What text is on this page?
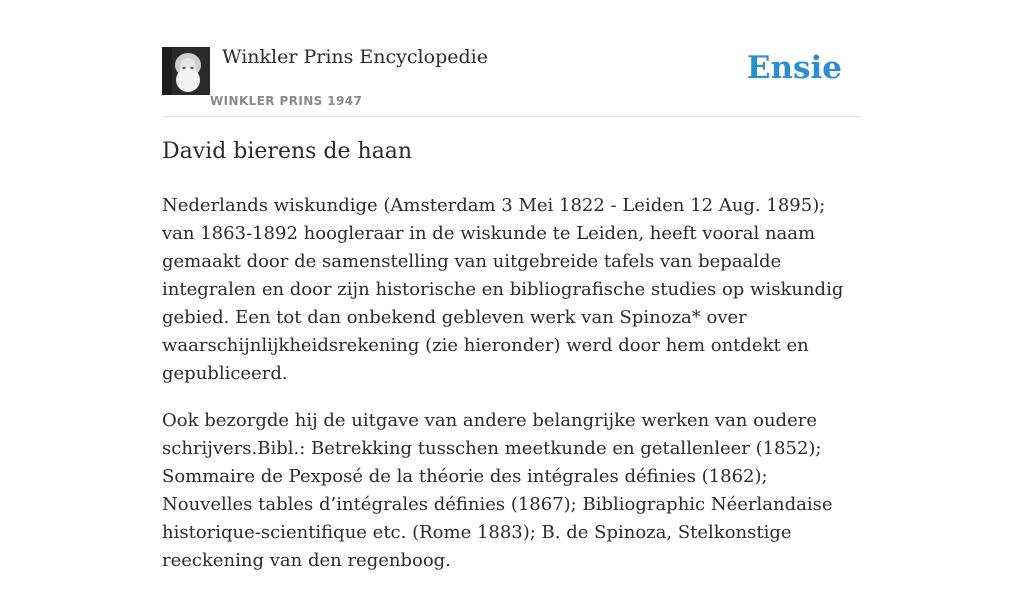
Winkler Prins Encyclopedie
WINKLER PRINS 1947
Ensie
David bierens de haan

Nederlands wiskundige (Amsterdam 3 Mei 1822 - Leiden 12 Aug. 1895); van 1863-1892 hoogleraar in de wiskunde te Leiden, heeft vooral naam gemaakt door de samenstelling van uitgebreide tafels van bepaalde integralen en door zijn historische en bibliografische studies op wiskundig gebied. Een tot dan onbekend gebleven werk van Spinoza* over waarschijnlijkheidsrekening (zie hieronder) werd door hem ontdekt en gepubliceerd.

Ook bezorgde hij de uitgave van andere belangrijke werken van oudere schrijvers.Bibl.: Betrekking tusschen meetkunde en getallenleer (1852); Sommaire de Pexposé de la théorie des intégrales définies (1862); Nouvelles tables d’intégrales définies (1867); Bibliographic Néerlandaise historique-scientifique etc. (Rome 1883); B. de Spinoza, Stelkonstige reeckening van den regenboog.
